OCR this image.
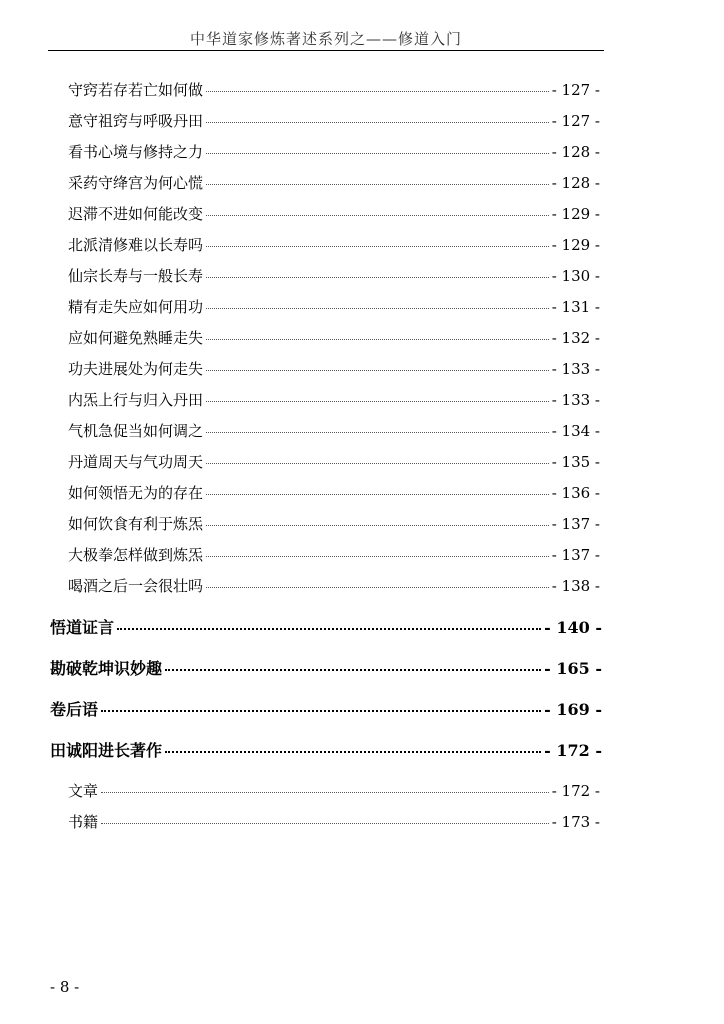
中华道家修炼著述系列之——修道入门
守窍若存若亡如何做	- 127 -
意守祖窍与呼吸丹田	- 127 -
看书心境与修持之力	- 128 -
采药守绛宫为何心慌	- 128 -
迟滞不进如何能改变	- 129 -
北派清修难以长寿吗	- 129 -
仙宗长寿与一般长寿	- 130 -
精有走失应如何用功	- 131 -
应如何避免熟睡走失	- 132 -
功夫进展处为何走失	- 133 -
内炁上行与归入丹田	- 133 -
气机急促当如何调之	- 134 -
丹道周天与气功周天	- 135 -
如何领悟无为的存在	- 136 -
如何饮食有利于炼炁	- 137 -
大极拳怎样做到炼炁	- 137 -
喝酒之后一会很壮吗	- 138 -
悟道证言	- 140 -
勘破乾坤识妙趣	- 165 -
卷后语	- 169 -
田诚阳进长著作	- 172 -
文章	- 172 -
书籍	- 173 -
- 8 -
